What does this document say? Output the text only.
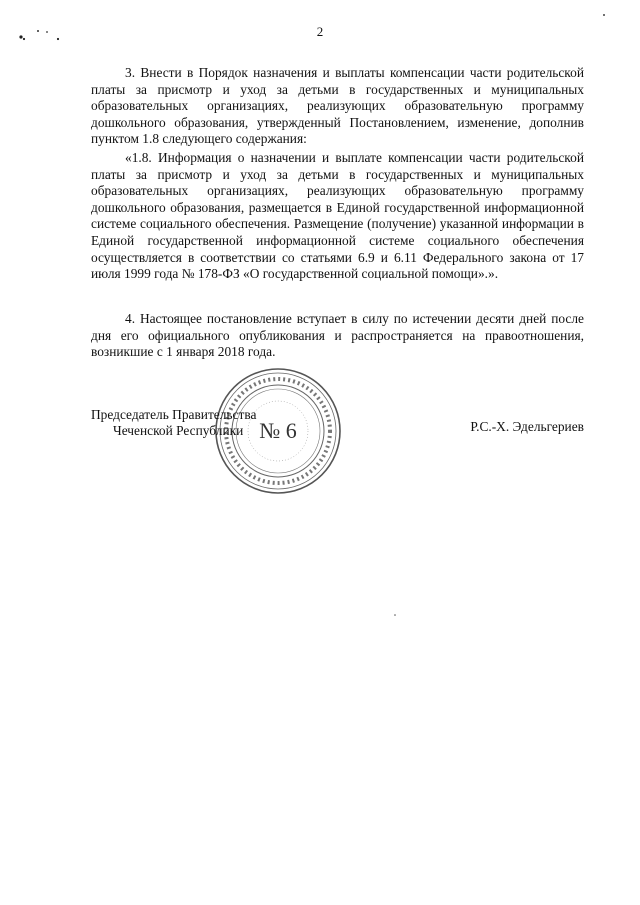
2

3. Внести в Порядок назначения и выплаты компенсации части родительской платы за присмотр и уход за детьми в государственных и муниципальных образовательных организациях, реализующих образовательную программу дошкольного образования, утвержденный Постановлением, изменение, дополнив пунктом 1.8 следующего содержания:

«1.8. Информация о назначении и выплате компенсации части родительской платы за присмотр и уход за детьми в государственных и муниципальных образовательных организациях, реализующих образовательную программу дошкольного образования, размещается в Единой государственной информационной системе социального обеспечения. Размещение (получение) указанной информации в Единой государственной информационной системе социального обеспечения осуществляется в соответствии со статьями 6.9 и 6.11 Федерального закона от 17 июля 1999 года № 178-ФЗ «О государственной социальной помощи».».

4. Настоящее постановление вступает в силу по истечении десяти дней после дня его официального опубликования и распространяется на правоотношения, возникшие с 1 января 2018 года.

№ 6
Председатель Правительства
Чеченской Республики	Р.С.-Х. Эдельгериев
